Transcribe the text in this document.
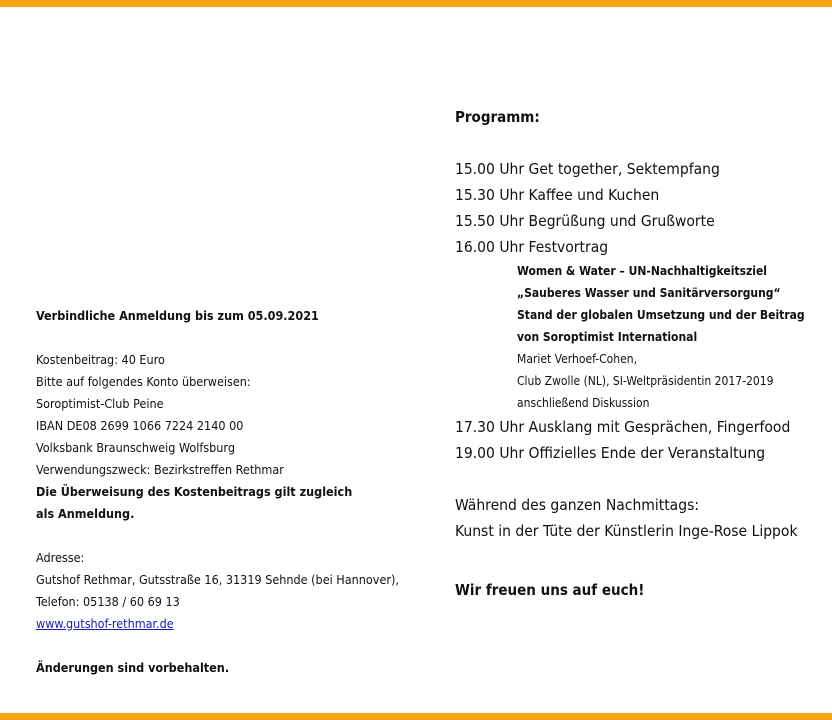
Verbindliche Anmeldung bis zum 05.09.2021
Kostenbeitrag: 40 Euro
Bitte auf folgendes Konto überweisen:
Soroptimist-Club Peine
IBAN DE08 2699 1066 7224 2140 00
Volksbank Braunschweig Wolfsburg
Verwendungszweck: Bezirkstreffen Rethmar
Die Überweisung des Kostenbeitrags gilt zugleich
als Anmeldung.
Adresse:
Gutshof Rethmar, Gutsstraße 16, 31319 Sehnde (bei Hannover),
Telefon: 05138 / 60 69 13
www.gutshof-rethmar.de
Änderungen sind vorbehalten.
Programm:
15.00 Uhr Get together, Sektempfang
15.30 Uhr Kaffee und Kuchen
15.50 Uhr Begrüßung und Grußworte
16.00 Uhr Festvortrag
Women & Water – UN-Nachhaltigkeitsziel
„Sauberes Wasser und Sanitärversorgung“
Stand der globalen Umsetzung und der Beitrag
von Soroptimist International
Mariet Verhoef-Cohen,
Club Zwolle (NL), SI-Weltpräsidentin 2017-2019
anschließend Diskussion
17.30 Uhr Ausklang mit Gesprächen, Fingerfood
19.00 Uhr Offizielles Ende der Veranstaltung
Während des ganzen Nachmittags:
Kunst in der Tüte der Künstlerin Inge-Rose Lippok
Wir freuen uns auf euch!
